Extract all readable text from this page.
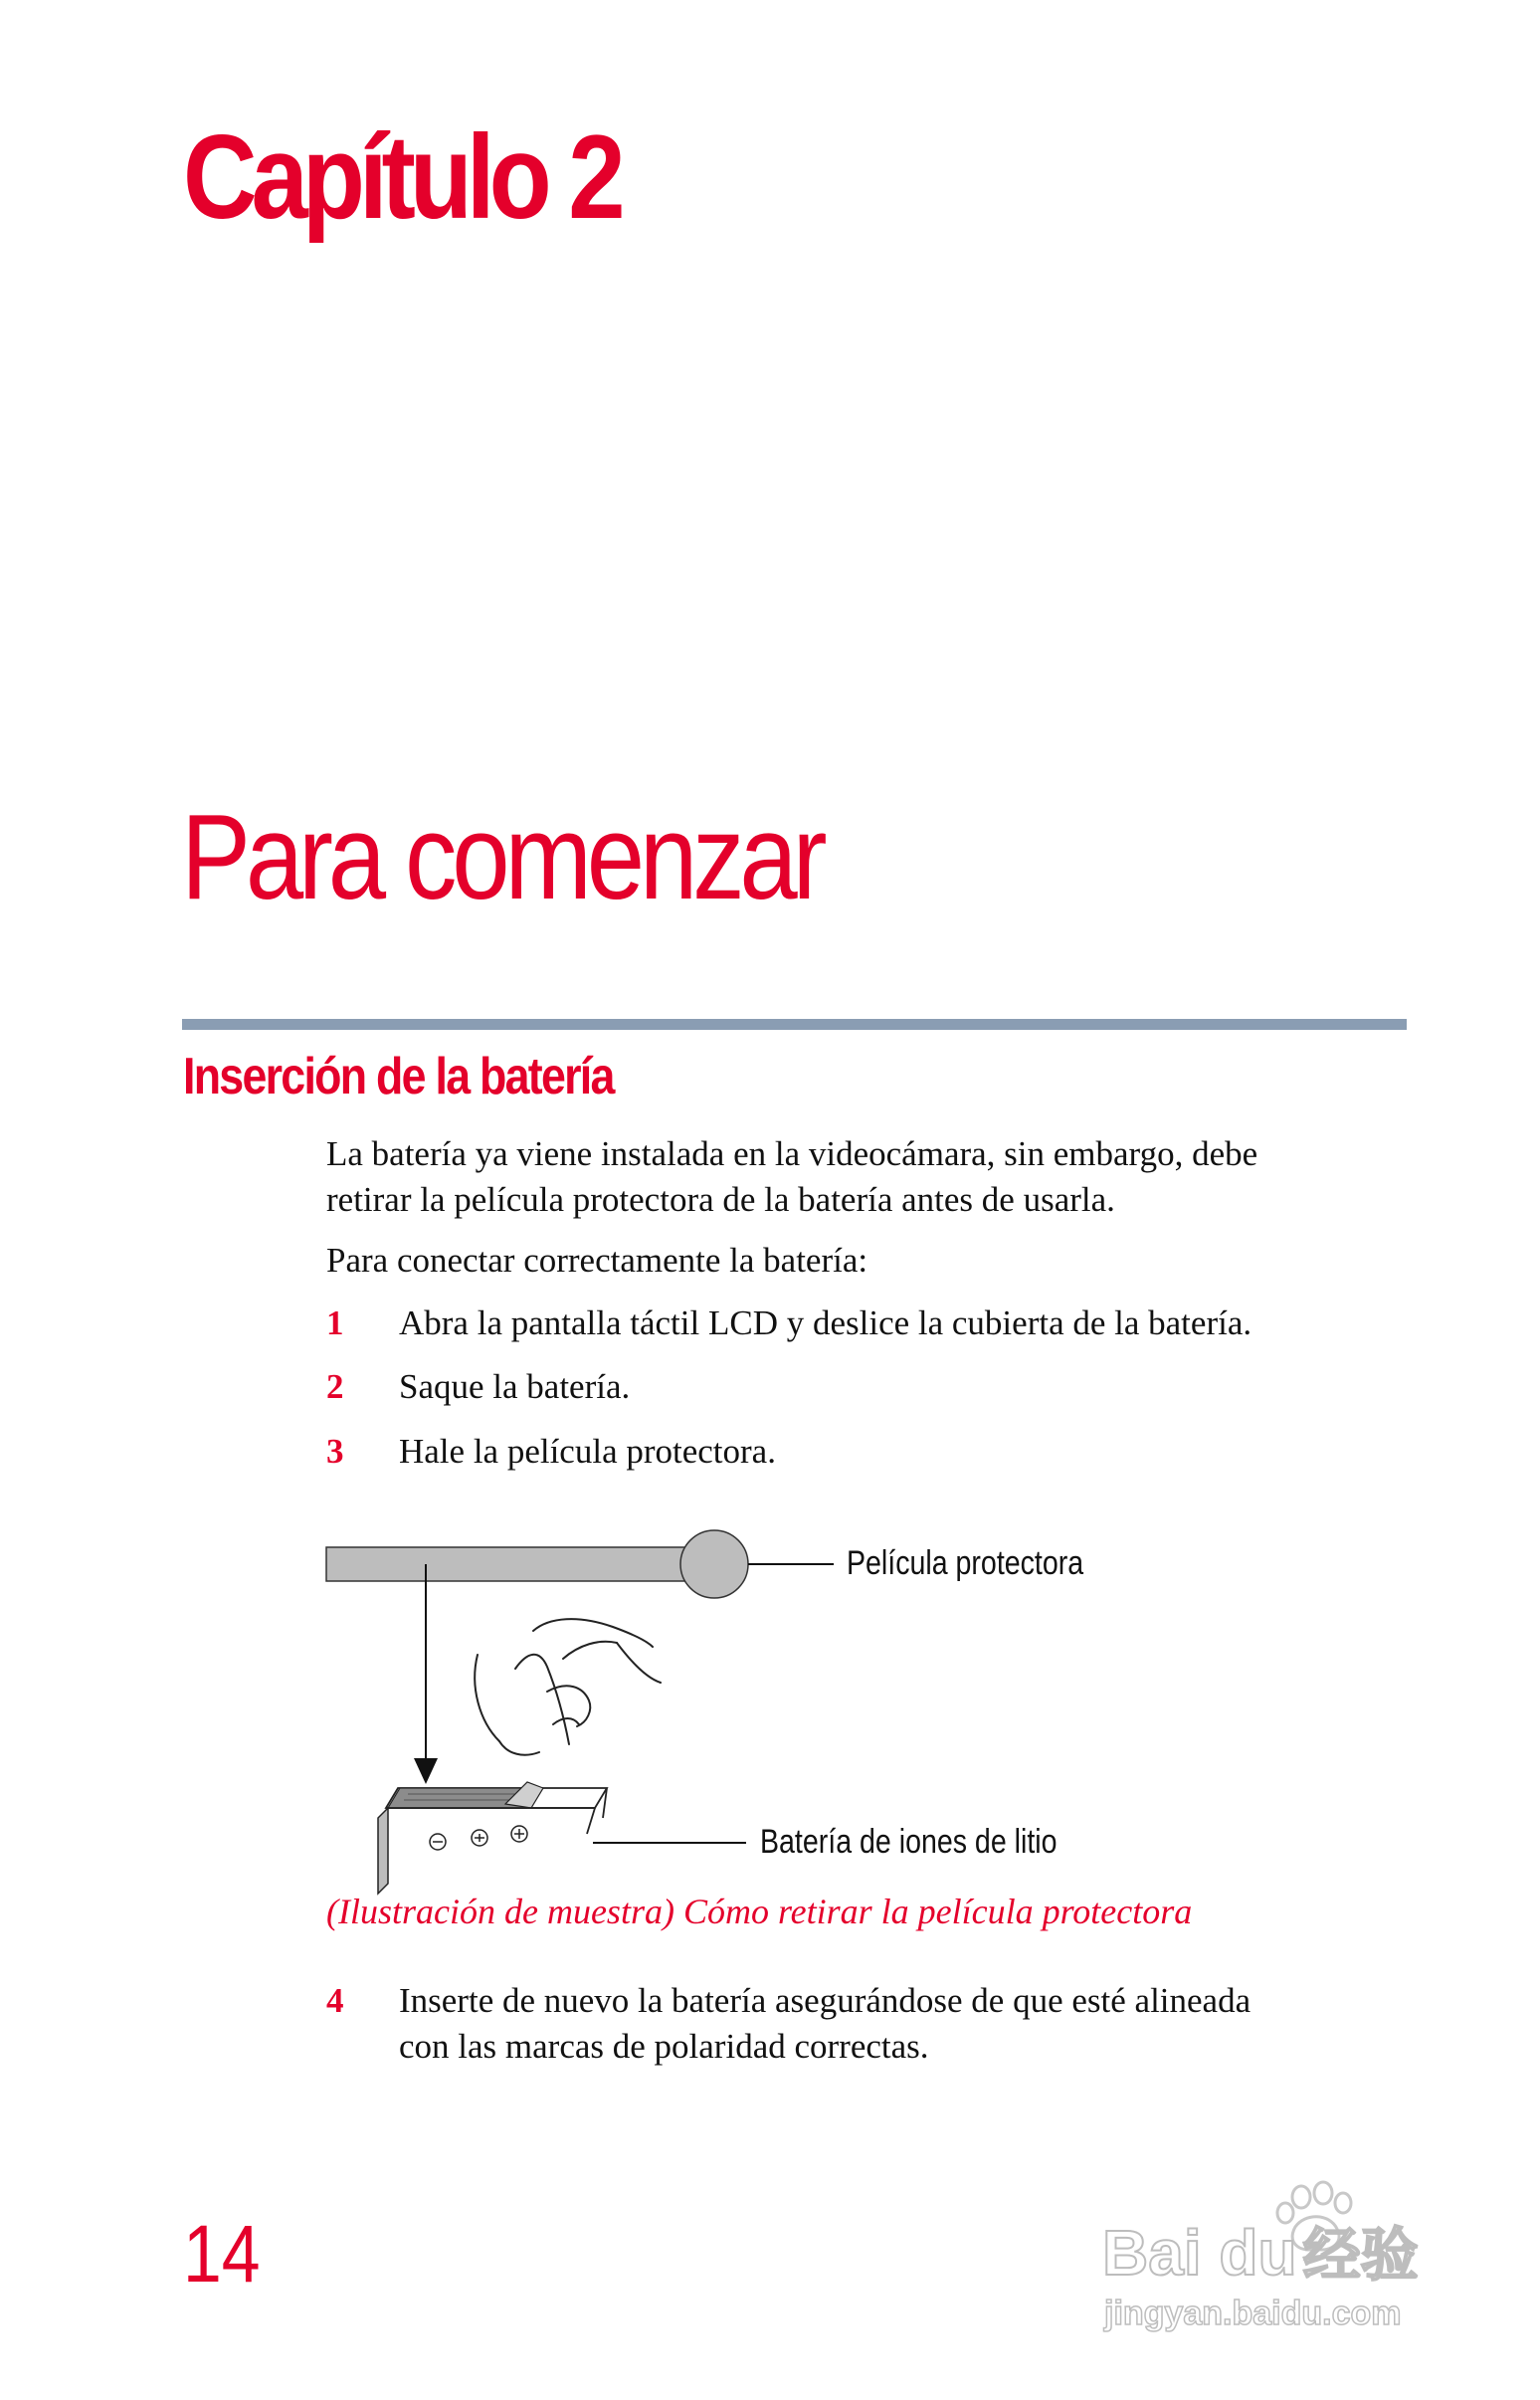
Capítulo 2
Para comenzar
Inserción de la batería
La batería ya viene instalada en la videocámara, sin embargo, debe
retirar la película protectora de la batería antes de usarla.
Para conectar correctamente la batería:
1 Abra la pantalla táctil LCD y deslice la cubierta de la batería.
2 Saque la batería.
3 Hale la película protectora.
Película protectora
Batería de iones de litio
(Ilustración de muestra) Cómo retirar la película protectora
4 Inserte de nuevo la batería asegurándose de que esté alineada
con las marcas de polaridad correctas.
14	Bai du 经验
jingyan.baidu.com
